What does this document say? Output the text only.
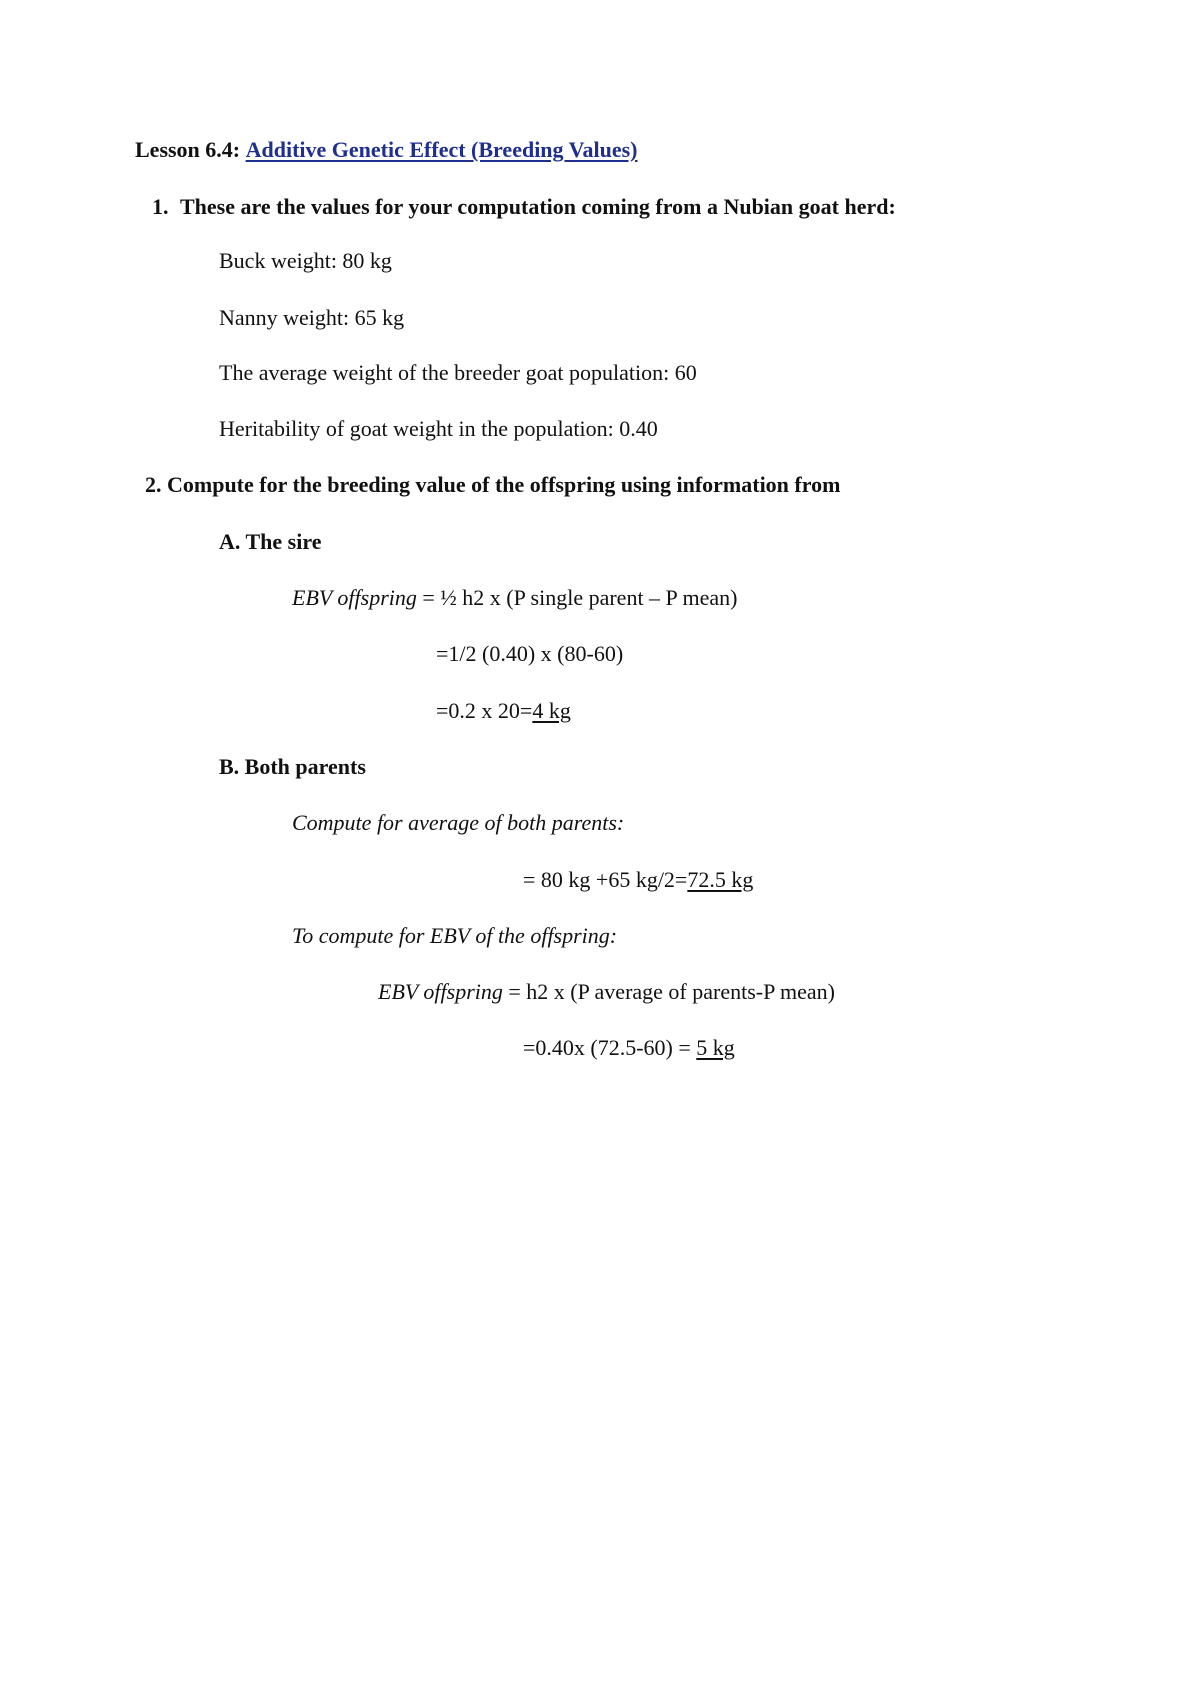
Lesson 6.4: Additive Genetic Effect (Breeding Values)
1. These are the values for your computation coming from a Nubian goat herd:
Buck weight: 80 kg
Nanny weight: 65 kg
The average weight of the breeder goat population: 60
Heritability of goat weight in the population: 0.40
2. Compute for the breeding value of the offspring using information from
A. The sire
EBV offspring = ½ h2 x (P single parent – P mean)
=1/2 (0.40) x (80-60)
=0.2 x 20=4 kg
B. Both parents
Compute for average of both parents:
= 80 kg +65 kg/2=72.5 kg
To compute for EBV of the offspring:
EBV offspring = h2 x (P average of parents-P mean)
=0.40x (72.5-60) = 5 kg
